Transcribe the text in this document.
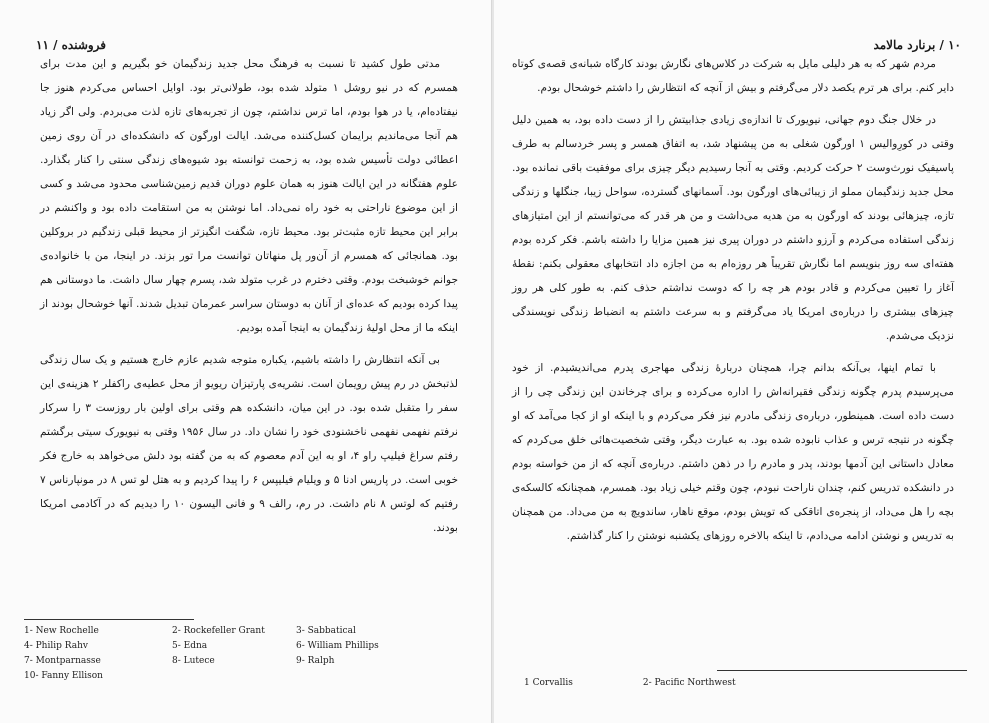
فروشنده / ۱۱

مدتی طول کشید تا نسبت به فرهنگ محل جدید زندگیمان خو بگیریم و این مدت برای همسرم که در نیو روشل ۱ متولد شده بود، طولانی‌تر بود. اوایل احساس می‌کردم هنوز جا نیفتاده‌ام، یا در هوا بودم، اما ترس نداشتم، چون از تجربه‌های تازه لذت می‌بردم. ولی اگر زیاد هم آنجا می‌ماندیم برایمان کسل‌کننده می‌شد. ایالت اورگون که دانشکده‌ای در آن روی زمین اعطائی دولت تأسیس شده بود، به زحمت توانسته بود شیوه‌های زندگی سنتی را کنار بگذارد. علوم هفتگانه در این ایالت هنوز به همان علوم دوران قدیم زمین‌شناسی محدود می‌شد و کسی از این موضوع ناراحتی به خود راه نمی‌داد. اما نوشتن به من استقامت داده بود و واکنشم در برابر این محیط تازه مثبت‌تر بود. محیط تازه، شگفت انگیزتر از محیط قبلی زندگیم در بروکلین بود. همانجائی که همسرم از آن‌ور پل منهاتان توانست مرا تور بزند. در اینجا، من با خانواده‌ی جوانم خوشبخت بودم. وقتی دخترم در غرب متولد شد، پسرم چهار سال داشت. ما دوستانی هم پیدا کرده بودیم که عده‌ای از آنان به دوستان سراسر عمرمان تبدیل شدند. آنها خوشحال بودند از اینکه ما از محل اولیهٔ زندگیمان به اینجا آمده بودیم.

بی آنکه انتظارش را داشته باشیم، یکباره متوجه شدیم عازم خارج هستیم و یک سال زندگی لذتبخش در رم پیش رویمان است. نشریه‌ی پارتیزان ریویو از محل عطیه‌ی راکفلر ۲ هزینه‌ی این سفر را متقبل شده بود. در این میان، دانشکده هم وقتی برای اولین بار روزست ۳ را سرکار نرفتم نفهمی نفهمی ناخشنودی خود را نشان داد. در سال ۱۹۵۶ وقتی به نیویورک سیتی برگشتم رفتم سراغ فیلیپ راو ۴، او به این آدم معصوم که به من گفته بود دلش می‌خواهد به خارج فکر خوبی است. در پاریس ادنا ۵ و ویلیام فیلیپس ۶ را پیدا کردیم و به هتل لو تس ۸ در مونپارناس ۷ رفتیم که لوتس ۸ نام داشت. در رم، رالف ۹ و فانی الیسون ۱۰ را دیدیم که در آکادمی امریکا بودند.

1- New Rochelle	2- Rockefeller Grant	3- Sabbatical
4- Philip Rahv	5- Edna	6- William Phillips
7- Montparnasse	8- Lutece	9- Ralph
10- Fanny Ellison
۱۰ / برنارد مالامد

مردم شهر که به هر دلیلی مایل به شرکت در کلاس‌های نگارش بودند کارگاه شبانه‌ی قصه‌ی کوتاه دایر کنم. برای هر ترم یکصد دلار می‌گرفتم و بیش از آنچه که انتظارش را داشتم خوشحال بودم.

در خلال جنگ دوم جهانی، نیویورک تا اندازه‌ی زیادی جذابیتش را از دست داده بود، به همین دلیل وقتی در کورِوالیس ۱ اورگون شغلی به من پیشنهاد شد، به اتفاق همسر و پسر خردسالم به طرف پاسیفیک نورث‌وست ۲ حرکت کردیم. وقتی به آنجا رسیدیم دیگر چیزی برای موفقیت باقی نمانده بود. محل جدید زندگیمان مملو از زیبائی‌های اورگون بود. آسمانهای گسترده، سواحل زیبا، جنگلها و زندگی تازه، چیزهائی بودند که اورگون به من هدیه می‌داشت و من هر قدر که می‌توانستم از این امتیازهای زندگی استفاده می‌کردم و آرزو داشتم در دوران پیری نیز همین مزایا را داشته باشم. فکر کرده بودم هفته‌ای سه روز بنویسم اما نگارش تقریباً هر روزه‌ام به من اجازه داد انتخابهای معقولی بکنم: نقطهٔ آغاز را تعیین می‌کردم و قادر بودم هر چه را که دوست نداشتم حذف کنم. به طور کلی هر روز چیزهای بیشتری را درباره‌ی امریکا یاد می‌گرفتم و به سرعت داشتم به انضباط زندگی نویسندگی نزدیک می‌شدم.

با تمام اینها، بی‌آنکه بدانم چرا، همچنان دربارهٔ زندگی مهاجری پدرم می‌اندیشیدم. از خود می‌پرسیدم پدرم چگونه زندگی فقیرانه‌اش را اداره می‌کرده و برای چرخاندن این زندگی چی را از دست داده است. همینطور، درباره‌ی زندگی مادرم نیز فکر می‌کردم و با اینکه او از کجا می‌آمد که او چگونه در نتیجه ترس و عذاب نابوده شده بود. به عبارت دیگر، وقتی شخصیت‌هائی خلق می‌کردم که معادل داستانی این آدمها بودند، پدر و مادرم را در ذهن داشتم. درباره‌ی آنچه که از من خواسته بودم در دانشکده تدریس کنم، چندان ناراحت نبودم، چون وقتم خیلی زیاد بود. همسرم، همچنانکه کالسکه‌ی بچه را هل می‌داد، از پنجره‌ی اتاقکی که تویش بودم، موقع ناهار، ساندویچ به من می‌داد. من همچنان به تدریس و نوشتن ادامه می‌دادم، تا اینکه بالاخره روزهای یکشنبه نوشتن را کنار گذاشتم.

1 Corvallis	2- Pacific Northwest
